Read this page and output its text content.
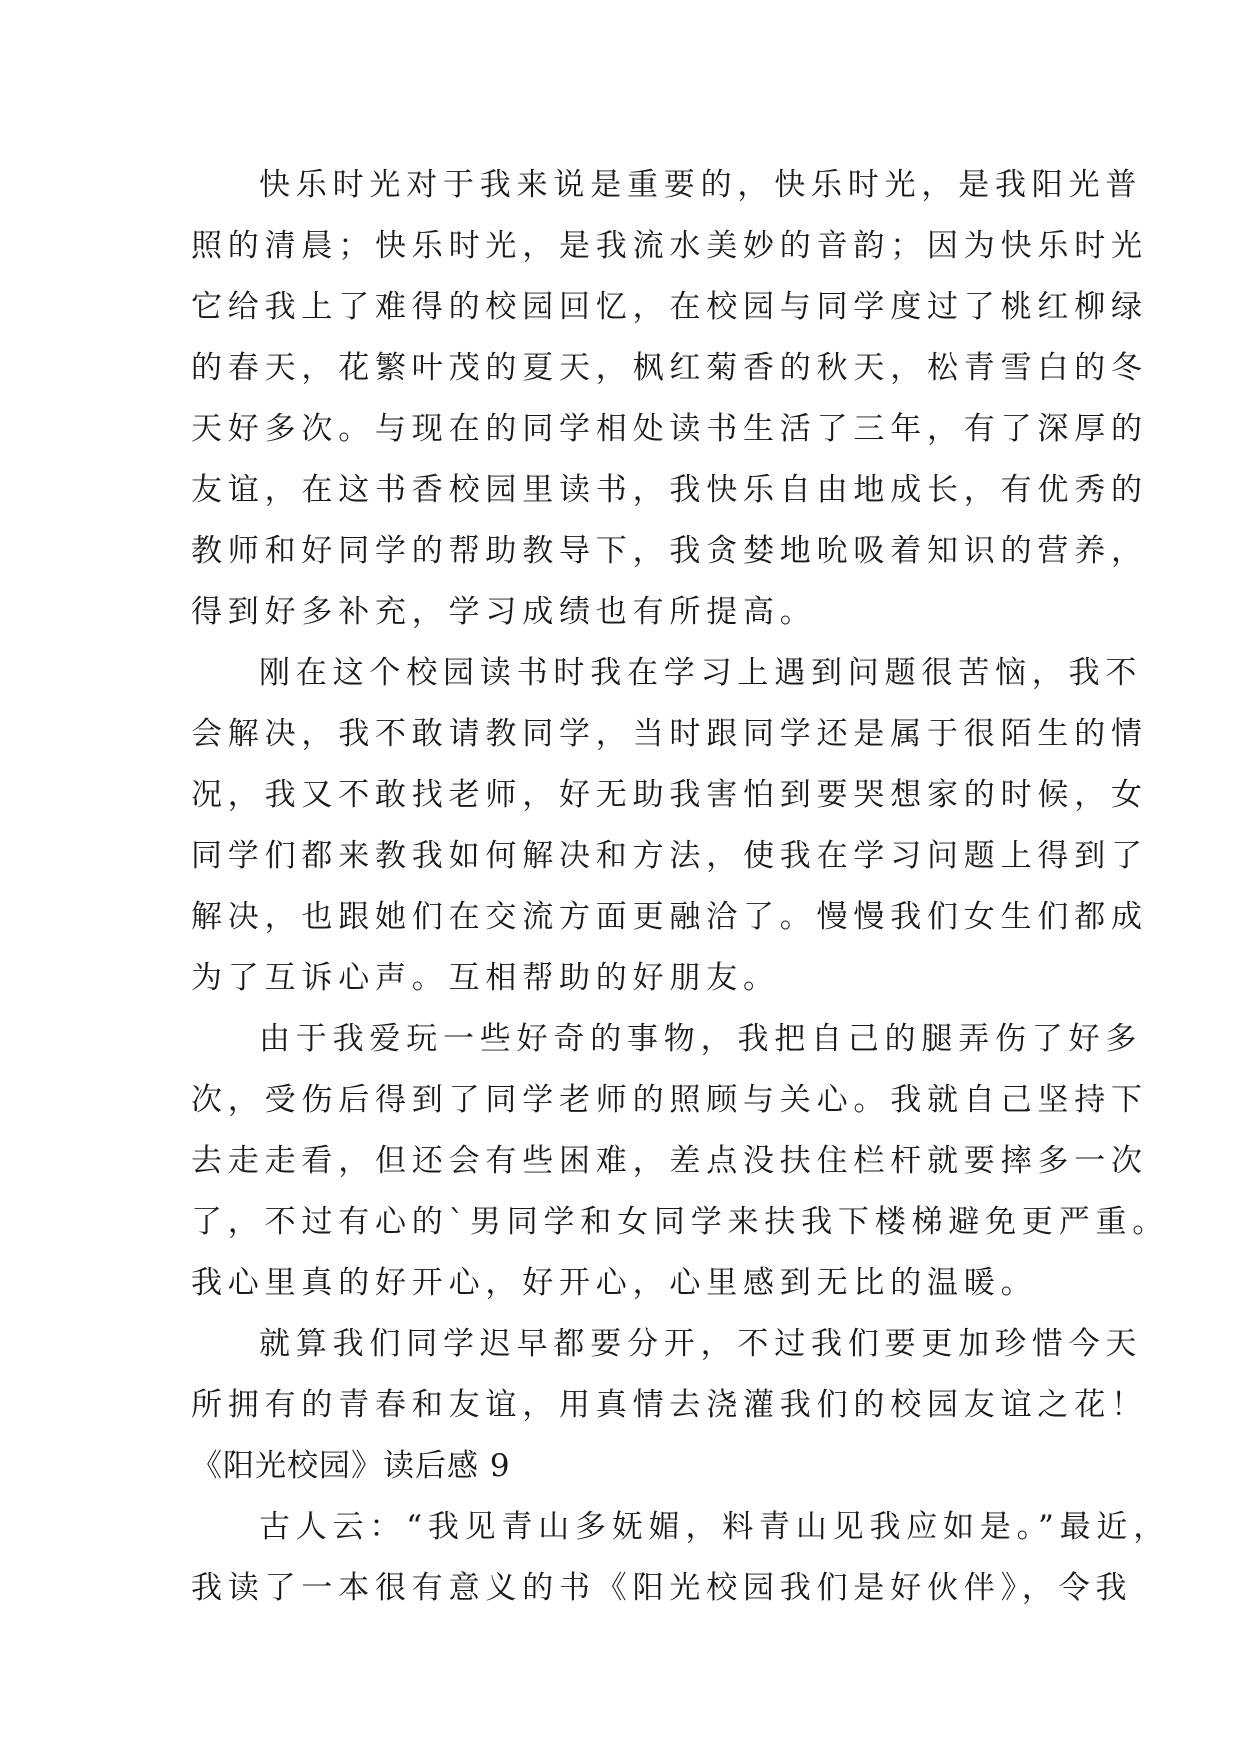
快乐时光对于我来说是重要的，快乐时光，是我阳光普
照的清晨；快乐时光，是我流水美妙的音韵；因为快乐时光
它给我上了难得的校园回忆，在校园与同学度过了桃红柳绿
的春天，花繁叶茂的夏天，枫红菊香的秋天，松青雪白的冬
天好多次。与现在的同学相处读书生活了三年，有了深厚的
友谊，在这书香校园里读书，我快乐自由地成长，有优秀的
教师和好同学的帮助教导下，我贪婪地吮吸着知识的营养，
得到好多补充，学习成绩也有所提高。
刚在这个校园读书时我在学习上遇到问题很苦恼，我不
会解决，我不敢请教同学，当时跟同学还是属于很陌生的情
况，我又不敢找老师，好无助我害怕到要哭想家的时候，女
同学们都来教我如何解决和方法，使我在学习问题上得到了
解决，也跟她们在交流方面更融洽了。慢慢我们女生们都成
为了互诉心声。互相帮助的好朋友。
由于我爱玩一些好奇的事物，我把自己的腿弄伤了好多
次，受伤后得到了同学老师的照顾与关心。我就自己坚持下
去走走看，但还会有些困难，差点没扶住栏杆就要摔多一次
了，不过有心的`男同学和女同学来扶我下楼梯避免更严重。
我心里真的好开心，好开心，心里感到无比的温暖。
就算我们同学迟早都要分开，不过我们要更加珍惜今天
所拥有的青春和友谊，用真情去浇灌我们的校园友谊之花！
《阳光校园》读后感 9
古人云：“我见青山多妩媚，料青山见我应如是。”最近，
我读了一本很有意义的书《阳光校园我们是好伙伴》，令我
